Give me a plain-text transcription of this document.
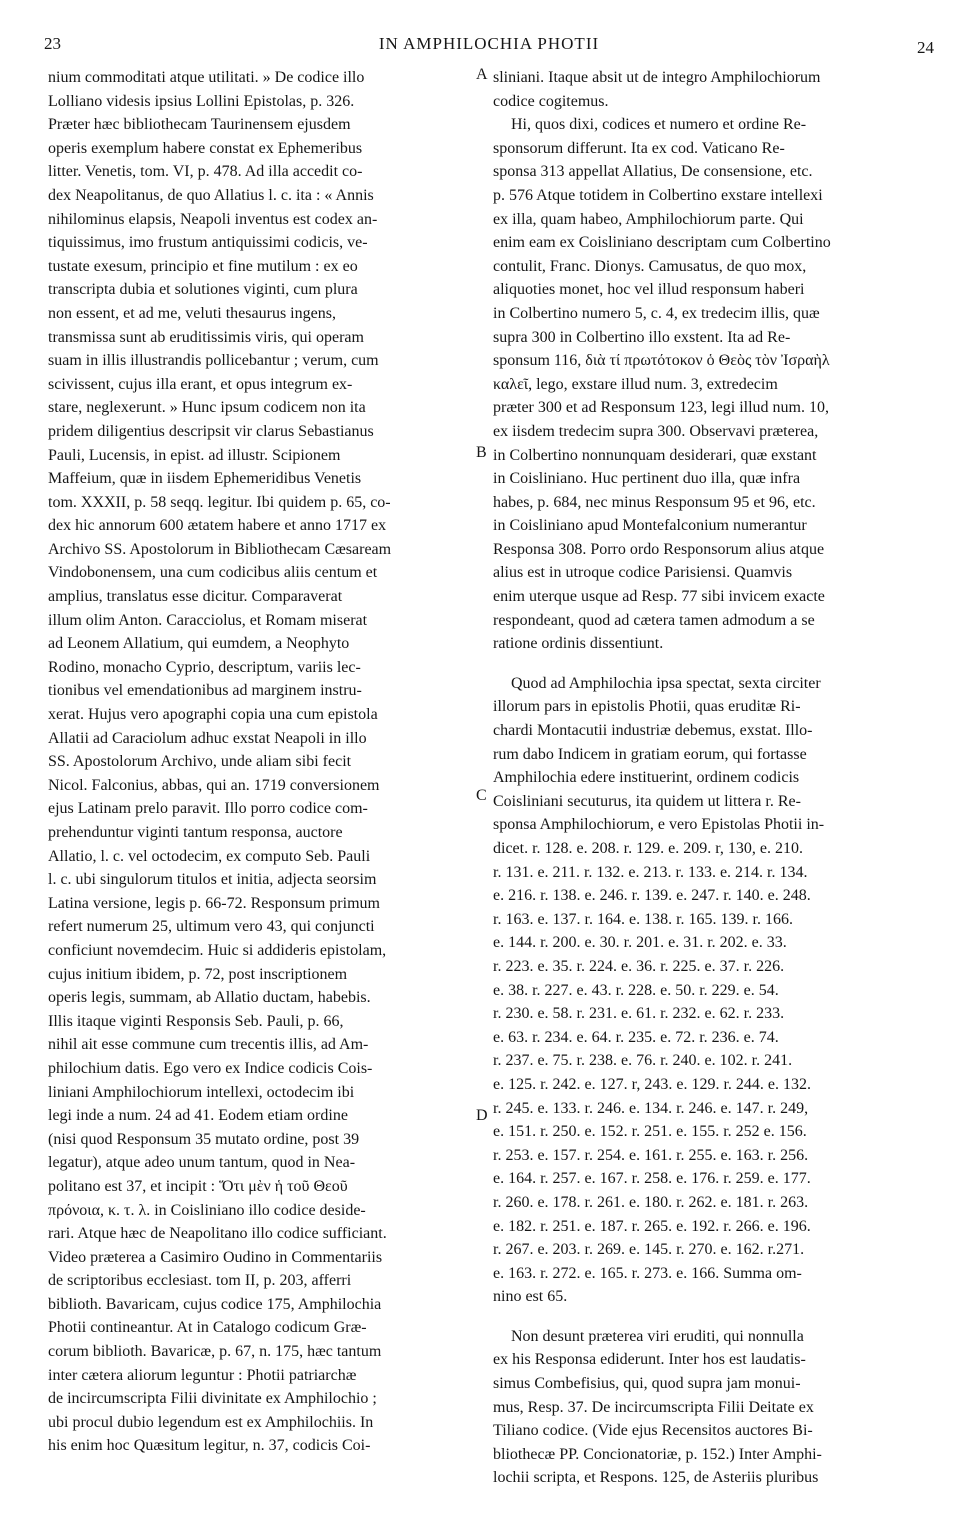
23	IN AMPHILOCHIA PHOTII	24
A
B
C
D
nium commoditati atque utilitati. » De codice illo
Lolliano videsis ipsius Lollini Epistolas, p. 326.
Præter hæc bibliothecam Taurinensem ejusdem
operis exemplum habere constat ex Ephemeribus
litter. Venetis, tom. VI, p. 478. Ad illa accedit co-
dex Neapolitanus, de quo Allatius l. c. ita : « Annis
nihilominus elapsis, Neapoli inventus est codex an-
tiquissimus, imo frustum antiquissimi codicis, ve-
tustate exesum, principio et fine mutilum : ex eo
transcripta dubia et solutiones viginti, cum plura
non essent, et ad me, veluti thesaurus ingens,
transmissa sunt ab eruditissimis viris, qui operam
suam in illis illustrandis pollicebantur ; verum, cum
scivissent, cujus illa erant, et opus integrum ex-
stare, neglexerunt. » Hunc ipsum codicem non ita
pridem diligentius descripsit vir clarus Sebastianus
Pauli, Lucensis, in epist. ad illustr. Scipionem
Maffeium, quæ in iisdem Ephemeridibus Venetis
tom. XXXII, p. 58 seqq. legitur. Ibi quidem p. 65, co-
dex hic annorum 600 ætatem habere et anno 1717 ex
Archivo SS. Apostolorum in Bibliothecam Cæsaream
Vindobonensem, una cum codicibus aliis centum et
amplius, translatus esse dicitur. Comparaverat
illum olim Anton. Caracciolus, et Romam miserat
ad Leonem Allatium, qui eumdem, a Neophyto
Rodino, monacho Cyprio, descriptum, variis lec-
tionibus vel emendationibus ad marginem instru-
xerat. Hujus vero apographi copia una cum epistola
Allatii ad Caraciolum adhuc exstat Neapoli in illo
SS. Apostolorum Archivo, unde aliam sibi fecit
Nicol. Falconius, abbas, qui an. 1719 conversionem
ejus Latinam prelo paravit. Illo porro codice com-
prehenduntur viginti tantum responsa, auctore
Allatio, l. c. vel octodecim, ex computo Seb. Pauli
l. c. ubi singulorum titulos et initia, adjecta seorsim
Latina versione, legis p. 66-72. Responsum primum
refert numerum 25, ultimum vero 43, qui conjuncti
conficiunt novemdecim. Huic si addideris epistolam,
cujus initium ibidem, p. 72, post inscriptionem
operis legis, summam, ab Allatio ductam, habebis.
Illis itaque viginti Responsis Seb. Pauli, p. 66,
nihil ait esse commune cum trecentis illis, ad Am-
philochium datis. Ego vero ex Indice codicis Cois-
liniani Amphilochiorum intellexi, octodecim ibi
legi inde a num. 24 ad 41. Eodem etiam ordine
(nisi quod Responsum 35 mutato ordine, post 39
legatur), atque adeo unum tantum, quod in Nea-
politano est 37, et incipit : Ὅτι μὲν ἡ τοῦ Θεοῦ
πρόνοια, κ. τ. λ. in Coisliniano illo codice deside-
rari. Atque hæc de Neapolitano illo codice sufficiant.
Video præterea a Casimiro Oudino in Commentariis
de scriptoribus ecclesiast. tom II, p. 203, afferri
biblioth. Bavaricam, cujus codice 175, Amphilochia
Photii contineantur. At in Catalogo codicum Græ-
corum biblioth. Bavaricæ, p. 67, n. 175, hæc tantum
inter cætera aliorum leguntur : Photii patriarchæ
de incircumscripta Filii divinitate ex Amphilochio ;
ubi procul dubio legendum est ex Amphilochiis. In
his enim hoc Quæsitum legitur, n. 37, codicis Coi-
sliniani. Itaque absit ut de integro Amphilochiorum
codice cogitemus.
Hi, quos dixi, codices et numero et ordine Re-
sponsorum differunt. Ita ex cod. Vaticano Re-
sponsa 313 appellat Allatius, De consensione, etc.
p. 576 Atque totidem in Colbertino exstare intellexi
ex illa, quam habeo, Amphilochiorum parte. Qui
enim eam ex Coisliniano descriptam cum Colbertino
contulit, Franc. Dionys. Camusatus, de quo mox,
aliquoties monet, hoc vel illud responsum haberi
in Colbertino numero 5, c. 4, ex tredecim illis, quæ
supra 300 in Colbertino illo exstent. Ita ad Re-
sponsum 116, διὰ τί πρωτότοκον ὁ Θεὸς τὸν Ἰσραὴλ
καλεῖ, lego, exstare illud num. 3, extredecim
præter 300 et ad Responsum 123, legi illud num. 10,
ex iisdem tredecim supra 300. Observavi præterea,
in Colbertino nonnunquam desiderari, quæ exstant
in Coisliniano. Huc pertinent duo illa, quæ infra
habes, p. 684, nec minus Responsum 95 et 96, etc.
in Coisliniano apud Montefalconium numerantur
Responsa 308. Porro ordo Responsorum alius atque
alius est in utroque codice Parisiensi. Quamvis
enim uterque usque ad Resp. 77 sibi invicem exacte
respondeant, quod ad cætera tamen admodum a se
ratione ordinis dissentiunt.
Quod ad Amphilochia ipsa spectat, sexta circiter
illorum pars in epistolis Photii, quas eruditæ Ri-
chardi Montacutii industriæ debemus, exstat. Illo-
rum dabo Indicem in gratiam eorum, qui fortasse
Amphilochia edere instituerint, ordinem codicis
Coisliniani secuturus, ita quidem ut littera r. Re-
sponsa Amphilochiorum, e vero Epistolas Photii in-
dicet. r. 128. e. 208. r. 129. e. 209. r, 130, e. 210.
r. 131. e. 211. r. 132. e. 213. r. 133. e. 214. r. 134.
e. 216. r. 138. e. 246. r. 139. e. 247. r. 140. e. 248.
r. 163. e. 137. r. 164. e. 138. r. 165. 139. r. 166.
e. 144. r. 200. e. 30. r. 201. e. 31. r. 202. e. 33.
r. 223. e. 35. r. 224. e. 36. r. 225. e. 37. r. 226.
e. 38. r. 227. e. 43. r. 228. e. 50. r. 229. e. 54.
r. 230. e. 58. r. 231. e. 61. r. 232. e. 62. r. 233.
e. 63. r. 234. e. 64. r. 235. e. 72. r. 236. e. 74.
r. 237. e. 75. r. 238. e. 76. r. 240. e. 102. r. 241.
e. 125. r. 242. e. 127. r, 243. e. 129. r. 244. e. 132.
r. 245. e. 133. r. 246. e. 134. r. 246. e. 147. r. 249,
e. 151. r. 250. e. 152. r. 251. e. 155. r. 252 e. 156.
r. 253. e. 157. r. 254. e. 161. r. 255. e. 163. r. 256.
e. 164. r. 257. e. 167. r. 258. e. 176. r. 259. e. 177.
r. 260. e. 178. r. 261. e. 180. r. 262. e. 181. r. 263.
e. 182. r. 251. e. 187. r. 265. e. 192. r. 266. e. 196.
r. 267. e. 203. r. 269. e. 145. r. 270. e. 162. r.271.
e. 163. r. 272. e. 165. r. 273. e. 166. Summa om-
nino est 65.
Non desunt præterea viri eruditi, qui nonnulla
ex his Responsa ediderunt. Inter hos est laudatis-
simus Combefisius, qui, quod supra jam monui-
mus, Resp. 37. De incircumscripta Filii Deitate ex
Tiliano codice. (Vide ejus Recensitos auctores Bi-
bliothecæ PP. Concionatoriæ, p. 152.) Inter Amphi-
lochii scripta, et Respons. 125, de Asteriis pluribus
